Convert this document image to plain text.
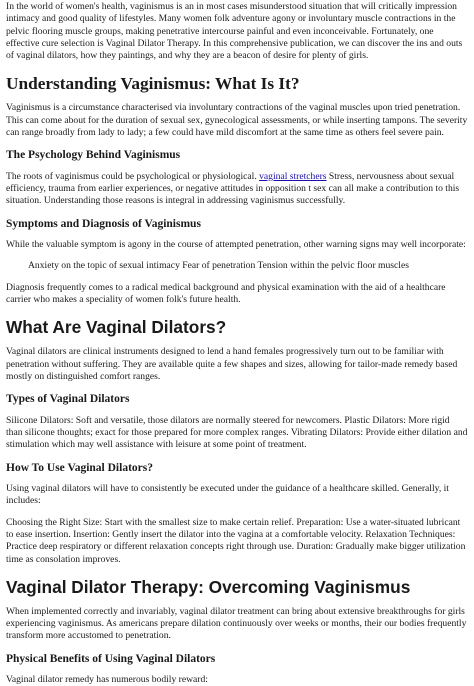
In the world of women's health, vaginismus is an in most cases misunderstood situation that will critically impression intimacy and good quality of lifestyles. Many women folk adventure agony or involuntary muscle contractions in the pelvic flooring muscle groups, making penetrative intercourse painful and even inconceivable. Fortunately, one effective cure selection is Vaginal Dilator Therapy. In this comprehensive publication, we can discover the ins and outs of vaginal dilators, how they paintings, and why they are a beacon of desire for plenty of girls.

Understanding Vaginismus: What Is It?

Vaginismus is a circumstance characterised via involuntary contractions of the vaginal muscles upon tried penetration. This can come about for the duration of sexual sex, gynecological assessments, or while inserting tampons. The severity can range broadly from lady to lady; a few could have mild discomfort at the same time as others feel severe pain.

The Psychology Behind Vaginismus

The roots of vaginismus could be psychological or physiological. vaginal stretchers Stress, nervousness about sexual efficiency, trauma from earlier experiences, or negative attitudes in opposition t sex can all make a contribution to this situation. Understanding those reasons is integral in addressing vaginismus successfully.

Symptoms and Diagnosis of Vaginismus

While the valuable symptom is agony in the course of attempted penetration, other warning signs may well incorporate:

Anxiety on the topic of sexual intimacy Fear of penetration Tension within the pelvic floor muscles

Diagnosis frequently comes to a radical medical background and physical examination with the aid of a healthcare carrier who makes a speciality of women folk's future health.

What Are Vaginal Dilators?

Vaginal dilators are clinical instruments designed to lend a hand females progressively turn out to be familiar with penetration without suffering. They are available quite a few shapes and sizes, allowing for tailor-made remedy based mostly on distinguished comfort ranges.

Types of Vaginal Dilators

Silicone Dilators: Soft and versatile, those dilators are normally steered for newcomers. Plastic Dilators: More rigid than silicone thoughts; exact for those prepared for more complex ranges. Vibrating Dilators: Provide either dilation and stimulation which may well assistance with leisure at some point of treatment.

How To Use Vaginal Dilators?

Using vaginal dilators will have to consistently be executed under the guidance of a healthcare skilled. Generally, it includes:

Choosing the Right Size: Start with the smallest size to make certain relief. Preparation: Use a water-situated lubricant to ease insertion. Insertion: Gently insert the dilator into the vagina at a comfortable velocity. Relaxation Techniques: Practice deep respiratory or different relaxation concepts right through use. Duration: Gradually make bigger utilization time as consolation improves.

Vaginal Dilator Therapy: Overcoming Vaginismus

When implemented correctly and invariably, vaginal dilator treatment can bring about extensive breakthroughs for girls experiencing vaginismus. As americans prepare dilation continuously over weeks or months, their our bodies frequently transform more accustomed to penetration.

Physical Benefits of Using Vaginal Dilators

Vaginal dilator remedy has numerous bodily reward:
